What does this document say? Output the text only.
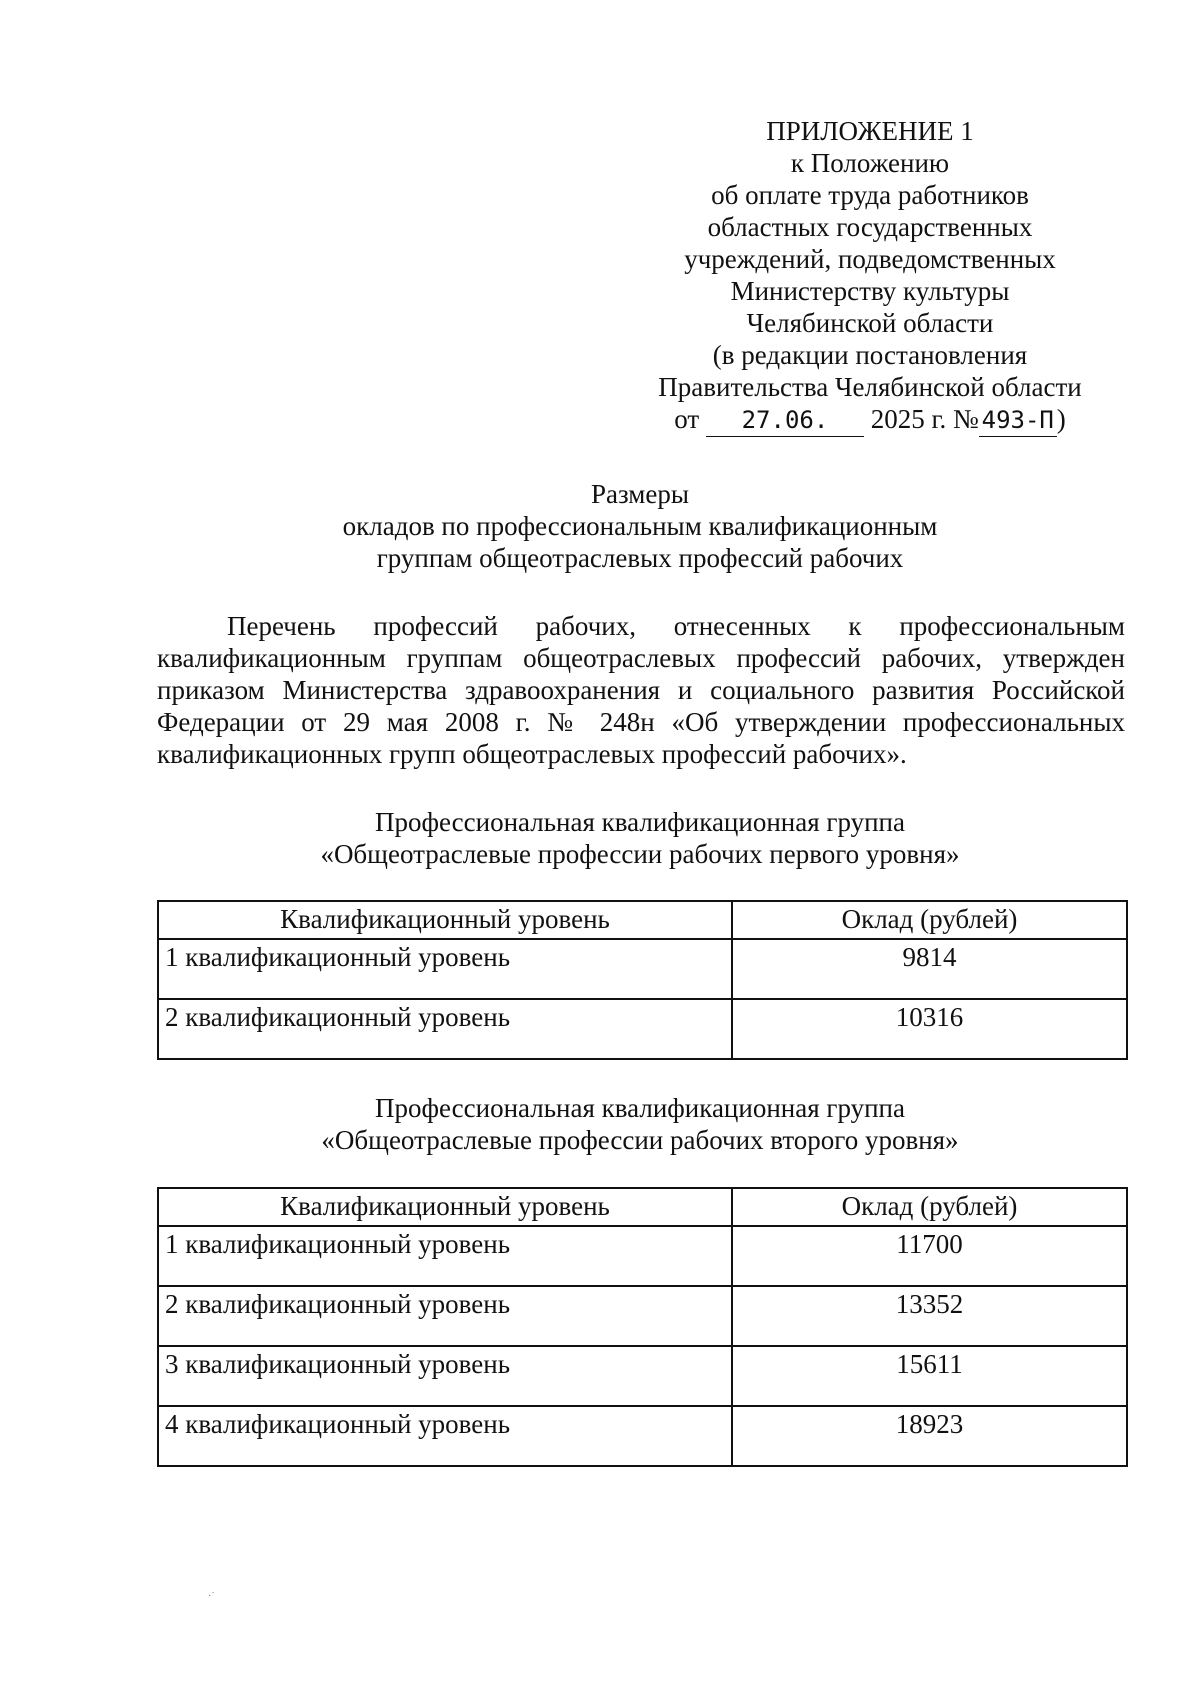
ПРИЛОЖЕНИЕ 1
к Положению
об оплате труда работников
областных государственных
учреждений, подведомственных
Министерству культуры
Челябинской области
(в редакции постановления
Правительства Челябинской области
от 27.06. 2025 г. № 493-П )
Размеры
окладов по профессиональным квалификационным
группам общеотраслевых профессий рабочих
Перечень профессий рабочих, отнесенных к профессиональным квалификационным группам общеотраслевых профессий рабочих, утвержден приказом Министерства здравоохранения и социального развития Российской Федерации от 29 мая 2008 г. № 248н «Об утверждении профессиональных квалификационных групп общеотраслевых профессий рабочих».
Профессиональная квалификационная группа
«Общеотраслевые профессии рабочих первого уровня»
Квалификационный уровень	Оклад (рублей)
1 квалификационный уровень	9814
2 квалификационный уровень	10316
Профессиональная квалификационная группа
«Общеотраслевые профессии рабочих второго уровня»
Квалификационный уровень	Оклад (рублей)
1 квалификационный уровень	11700
2 квалификационный уровень	13352
3 квалификационный уровень	15611
4 квалификационный уровень	18923
·˙
